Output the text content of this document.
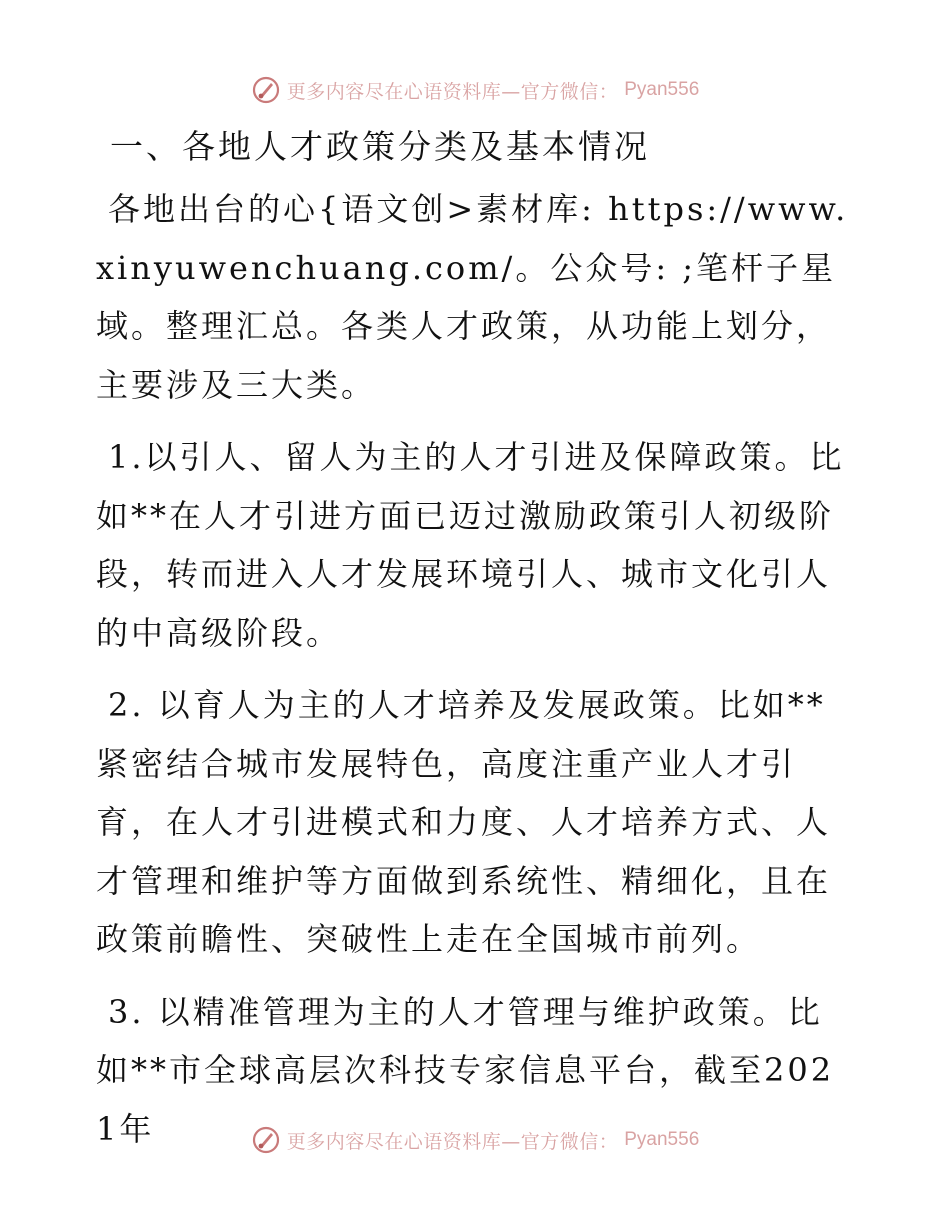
更多内容尽在心语资料库—官方微信： Pyan556
一、各地人才政策分类及基本情况
各地出台的心{语文创>素材库: https://www.xinyuwenchuang.com/。公众号: ;笔杆子星域。整理汇总。各类人才政策，从功能上划分，主要涉及三大类。
1.以引人、留人为主的人才引进及保障政策。比如**在人才引进方面已迈过激励政策引人初级阶段，转而进入人才发展环境引人、城市文化引人的中高级阶段。
2. 以育人为主的人才培养及发展政策。比如**紧密结合城市发展特色，高度注重产业人才引育，在人才引进模式和力度、人才培养方式、人才管理和维护等方面做到系统性、精细化，且在政策前瞻性、突破性上走在全国城市前列。
3. 以精准管理为主的人才管理与维护政策。比如**市全球高层次科技专家信息平台，截至2021年	更多内容尽在心语资料库—官方微信： Pyan556
